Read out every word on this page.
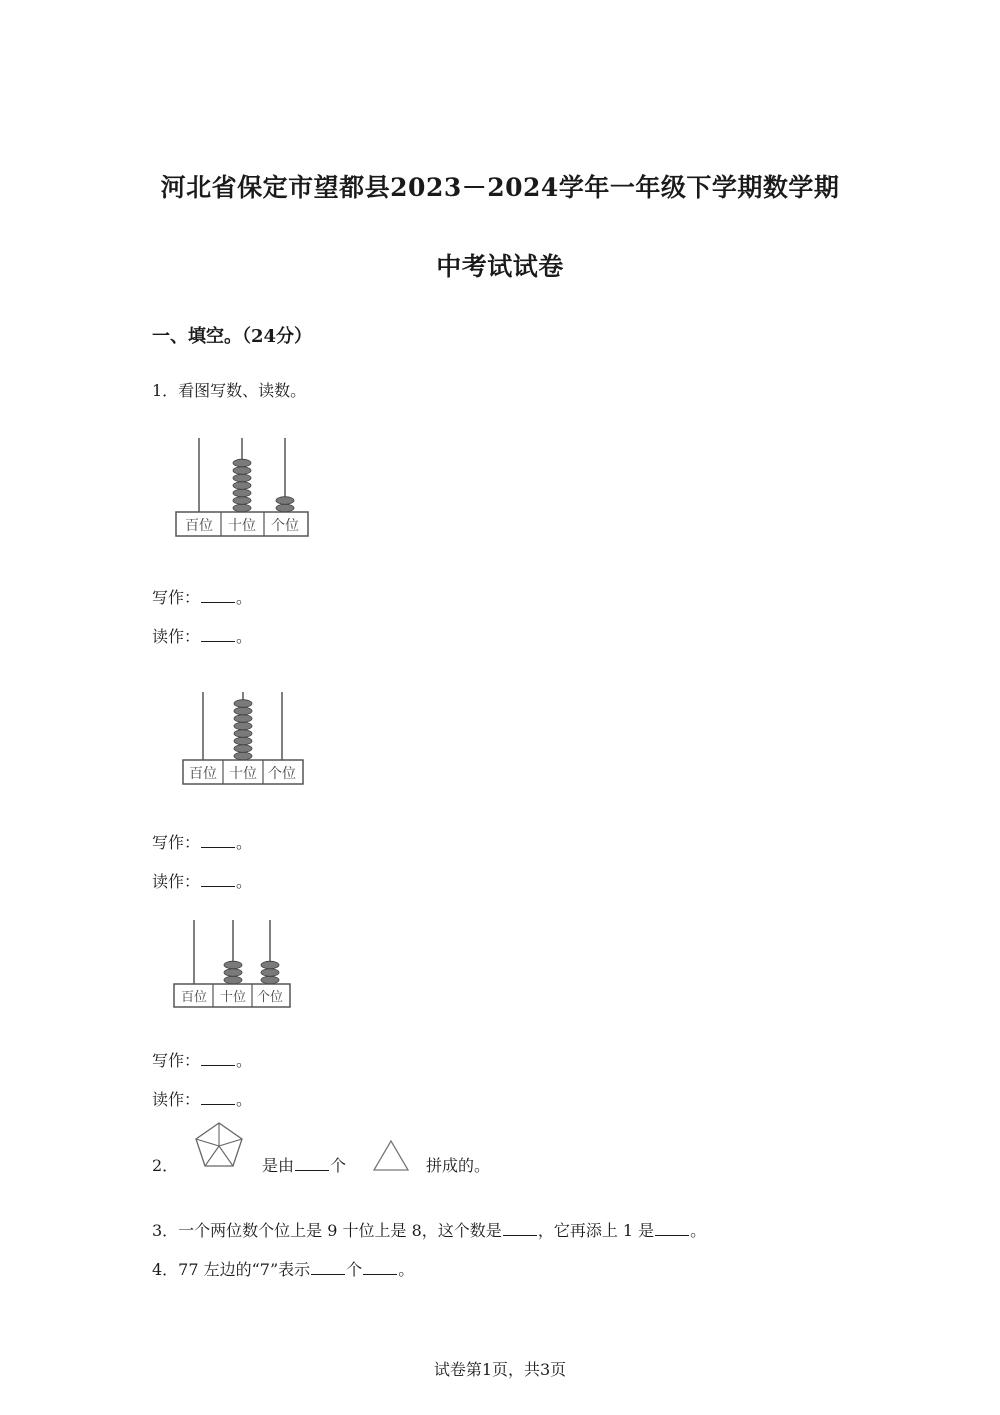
河北省保定市望都县2023－2024学年一年级下学期数学期
中考试试卷
一、填空。（24分）
1．看图写数、读数。
百位 十位 个位
写作： 。
读作： 。
百位 十位 个位
写作： 。
读作： 。
百位 十位 个位
写作： 。
读作： 。
2．	是由 个	拼成的。
3．一个两位数个位上是 9 十位上是 8，这个数是 ，它再添上 1 是 。
4．77 左边的“7”表示 个 。
试卷第1页，共3页
